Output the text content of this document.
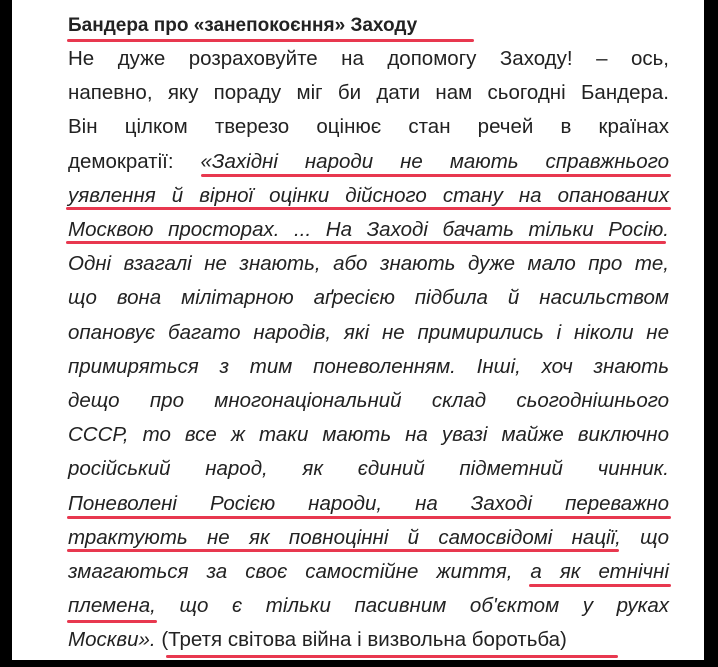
Бандера про «занепокоєння» Заходу
Не дуже розраховуйте на допомогу Заходу! – ось,
напевно, яку пораду міг би дати нам сьогодні Бандера.
Він цілком тверезо оцінює стан речей в країнах
демократії: «Західні народи не мають справжнього
уявлення й вірної оцінки дійсного стану на опанованих
Москвою просторах. ... На Заході бачать тільки Росію.
Одні взагалі не знають, або знають дуже мало про те,
що вона мілітарною аґресією підбила й насильством
опановує багато народів, які не примирились і ніколи не
примиряться з тим поневоленням. Інші, хоч знають
дещо про многонаціональний склад сьогоднішнього
СССР, то все ж таки мають на увазі майже виключно
російський народ, як єдиний підметний чинник.
Поневолені Росією народи, на Заході переважно
трактують не як повноцінні й самосвідомі нації, що
змагаються за своє самостійне життя, а як етнічні
племена, що є тільки пасивним об'єктом у руках
Москви». (Третя світова війна і визвольна боротьба)
